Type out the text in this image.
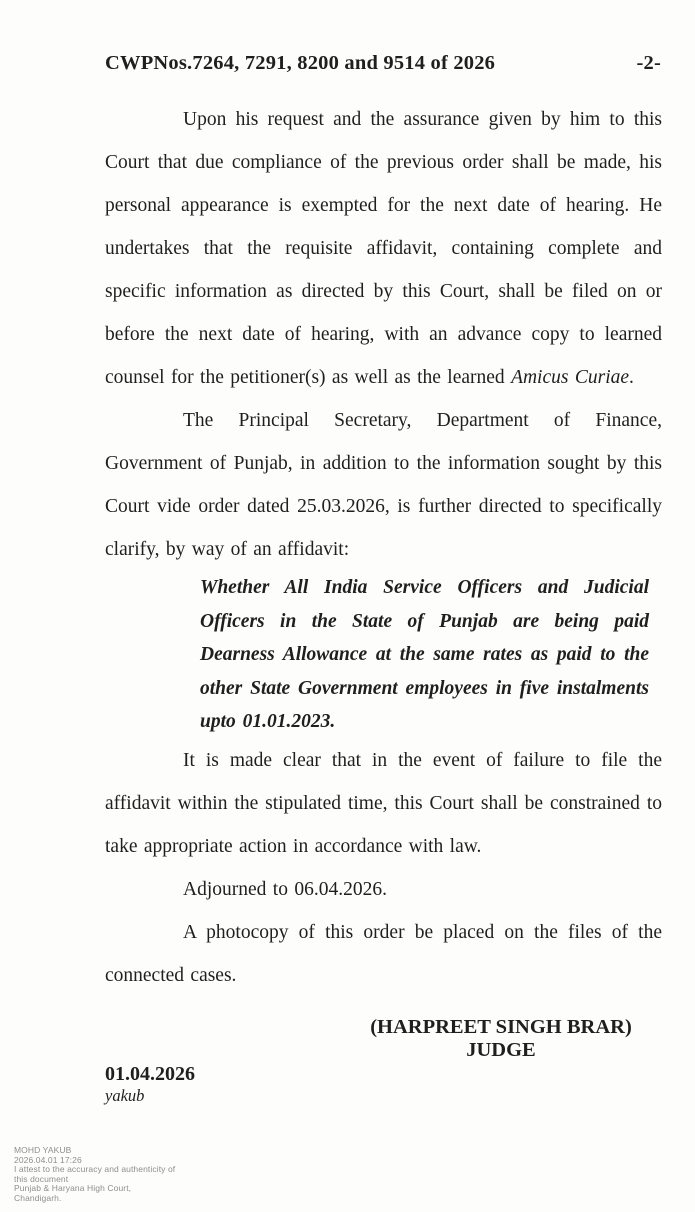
CWPNos.7264, 7291, 8200 and 9514 of 2026	-2-

Upon his request and the assurance given by him to this Court that due compliance of the previous order shall be made, his personal appearance is exempted for the next date of hearing. He undertakes that the requisite affidavit, containing complete and specific information as directed by this Court, shall be filed on or before the next date of hearing, with an advance copy to learned counsel for the petitioner(s) as well as the learned Amicus Curiae.

The Principal Secretary, Department of Finance, Government of Punjab, in addition to the information sought by this Court vide order dated 25.03.2026, is further directed to specifically clarify, by way of an affidavit:

Whether All India Service Officers and Judicial Officers in the State of Punjab are being paid Dearness Allowance at the same rates as paid to the other State Government employees in five instalments upto 01.01.2023.

It is made clear that in the event of failure to file the affidavit within the stipulated time, this Court shall be constrained to take appropriate action in accordance with law.

Adjourned to 06.04.2026.

A photocopy of this order be placed on the files of the connected cases.

(HARPREET SINGH BRAR)
JUDGE
01.04.2026
yakub
MOHD YAKUB
2026.04.01 17:26
I attest to the accuracy and authenticity of
this document
Punjab & Haryana High Court,
Chandigarh.
